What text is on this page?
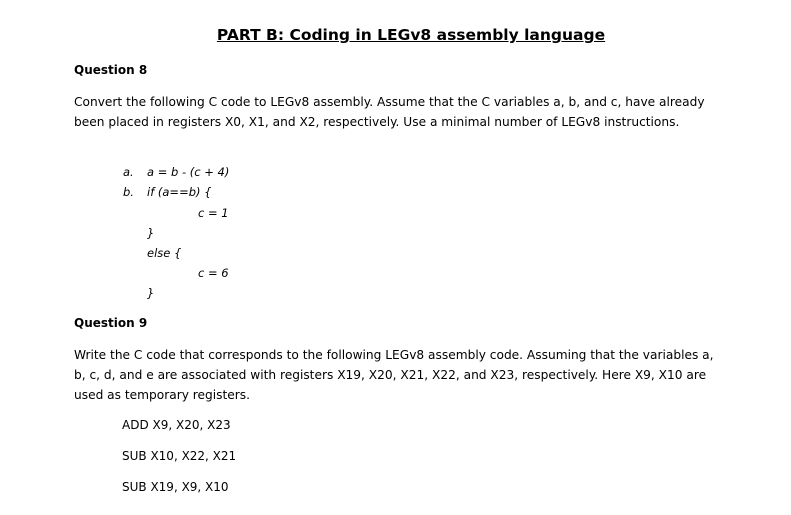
PART B: Coding in LEGv8 assembly language
Question 8
Convert the following C code to LEGv8 assembly. Assume that the C variables a, b, and c, have already been placed in registers X0, X1, and X2, respectively. Use a minimal number of LEGv8 instructions.
a. a = b - (c + 4)
b. if (a==b) {
c = 1
}
else {
c = 6
}
Question 9
Write the C code that corresponds to the following LEGv8 assembly code. Assuming that the variables a, b, c, d, and e are associated with registers X19, X20, X21, X22, and X23, respectively. Here X9, X10 are used as temporary registers.
ADD X9, X20, X23
SUB X10, X22, X21
SUB X19, X9, X10
